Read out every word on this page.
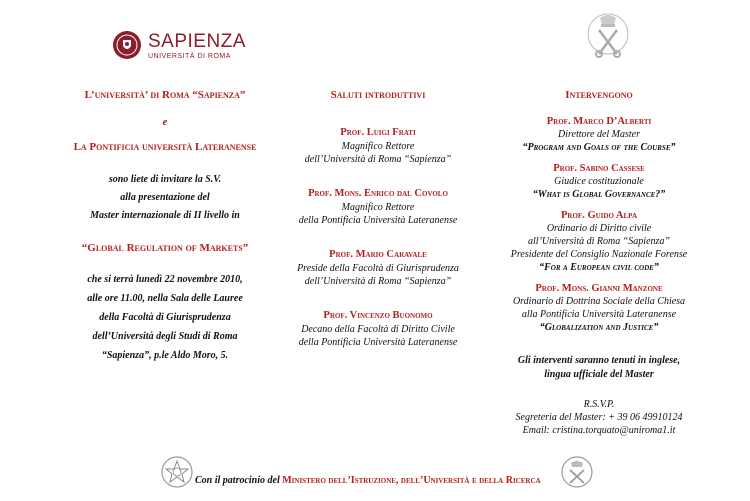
SAPIENZA
UNIVERSITÀ DI ROMA
L’università’ di Roma “Sapienza”
e
La Pontificia università Lateranense
sono liete di invitare la S.V.
alla presentazione del
Master internazionale di II livello in
“Global Regulation of Markets”
che si terrà lunedì 22 novembre 2010,
alle ore 11.00, nella Sala delle Lauree
della Facoltà di Giurisprudenza
dell’Università degli Studi di Roma
“Sapienza”, p.le Aldo Moro, 5.
Saluti introduttivi
Prof. Luigi Frati
Magnifico Rettore
dell’Università di Roma “Sapienza”
Prof. Mons. Enrico dal Covolo
Magnifico Rettore
della Pontificia Università Lateranense
Prof. Mario Caravale
Preside della Facoltà di Giurisprudenza
dell’Università di Roma “Sapienza”
Prof. Vincenzo Buonomo
Decano della Facoltà di Diritto Civile
della Pontificia Università Lateranense
Intervengono
Prof. Marco D’Alberti
Direttore del Master
“Program and Goals of the Course”
Prof. Sabino Cassese
Giudice costituzionale
“What is Global Governance?”
Prof. Guido Alpa
Ordinario di Diritto civile
all’Università di Roma “Sapienza”
Presidente del Consiglio Nazionale Forense
“For a European civil code”
Prof. Mons. Gianni Manzone
Ordinario di Dottrina Sociale della Chiesa
alla Pontificia Università Lateranense
“Globalization and Justice”
Gli interventi saranno tenuti in inglese,
lingua ufficiale del Master
R.S.V.P.
Segreteria del Master: + 39 06 49910124
Email: cristina.torquato@uniroma1.it
Con il patrocinio del Ministero dell’Istruzione, dell’Università e della Ricerca
